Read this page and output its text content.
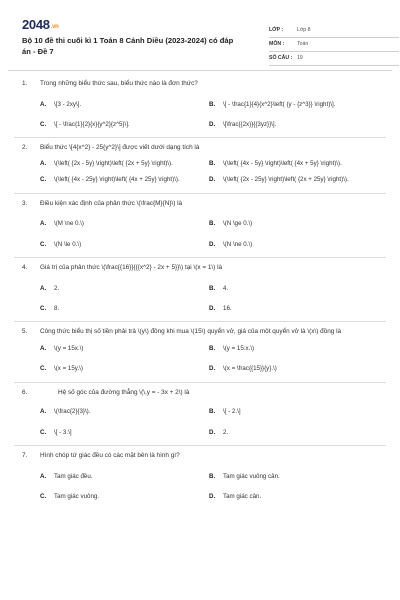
2048.vn
Bộ 10 đề thi cuối kì 1 Toán 8 Cánh Diều (2023-2024) có đáp án - Đề 7
LỚP :	Lớp 8
MÔN :	Toán
SỐ CÂU : 19
1.	Trong những biểu thức sau, biểu thức nào là đơn thức?
A.	\[3 - 2xy\].	B.	\[ - \frac{1}{4}{x^2}\left( {y - {z^3}} \right)\].
C.	\[ - \frac{1}{2}{x}{y^2}{z^5}\].	D.	\[\frac{{2x}}{{3yz}}\].
2.	Biểu thức \[4{x^2} - 25{y^2}\] được viết dưới dạng tích là
A.	\(\left( {2x - 5y} \right)\left( {2x + 5y} \right)\).	B.	\(\left( {4x - 5y} \right)\left( {4x + 5y} \right)\).
C.	\(\left( {4x - 25y} \right)\left( {4x + 25y} \right)\).	D.	\(\left( {2x - 25y} \right)\left( {2x + 25y} \right)\).
3.	Điều kiện xác định của phân thức \(\frac{M}{N}\) là
A.	\(M \ne 0.\)	B.	\(N \ge 0.\)
C.	\(N \le 0.\)	D.	\(N \ne 0.\)
4.	Giá trị của phân thức \(\frac{{16}}{{{x^2} - 2x + 5}}\) tại \(x = 1\) là
A.	2.	B.	4.
C.	8.	D.	16.
5.	Công thức biểu thị số tiền phải trả \(y\) đồng khi mua \(15\) quyển vở, giá của một quyển vở là \(x\) đồng là
A.	\(y = 15x.\)	B.	\(y = 15:x.\)
C.	\(x = 15y.\)	D.	\(x = \frac{{15}}{y}.\)
6.	Hệ số góc của đường thẳng \(\,y = - 3x + 2\) là
A.	\(\frac{2}{3}\).	B.	\[ - 2.\]
C.	\[ - 3.\]	D.	2.
7.	Hình chóp tứ giác đều có các mặt bên là hình gì?
A.	Tam giác đều.	B.	Tam giác vuông cân.
C.	Tam giác vuông.	D.	Tam giác cân.
